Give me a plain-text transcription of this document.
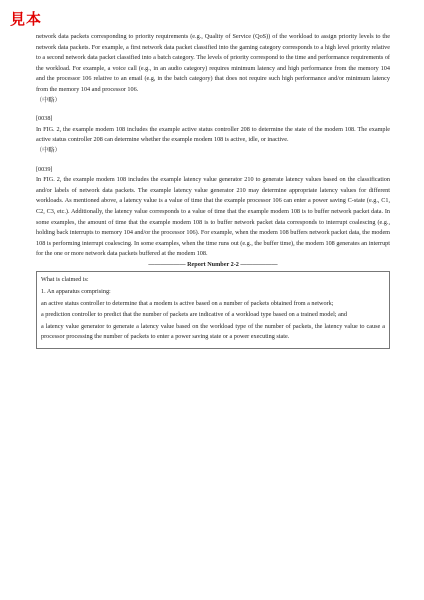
見本

network data packets corresponding to priority requirements (e.g., Quality of Service (QoS)) of the workload to assign priority levels to the network data packets. For example, a first network data packet classified into the gaming category corresponds to a high level priority relative to a second network data packet classified into a batch category. The levels of priority correspond to the time and performance requirements of the workload. For example, a voice call (e.g., in an audio category) requires minimum latency and high performance from the memory 104 and the processor 106 relative to an email (e.g, in the batch category) that does not require such high performance and/or minimum latency from the memory 104 and processor 106.

（中略）

[0038]

In FIG. 2, the example modem 108 includes the example active status controller 208 to determine the state of the modem 108. The example active status controller 208 can determine whether the example modem 108 is active, idle, or inactive.

（中略）

[0039]

In FIG. 2, the example modem 108 includes the example latency value generator 210 to generate latency values based on the classification and/or labels of network data packets. The example latency value generator 210 may determine appropriate latency values for different workloads. As mentioned above, a latency value is a value of time that the example processor 106 can enter a power saving C-state (e.g., C1, C2, C3, etc.). Additionally, the latency value corresponds to a value of time that the example modem 108 is to buffer network packet data. In some examples, the amount of time that the example modem 108 is to buffer network packet data corresponds to interrupt coalescing (e.g., holding back interrupts to memory 104 and/or the processor 106). For example, when the modem 108 buffers network packet data, the modem 108 is performing interrupt coalescing. In some examples, when the time runs out (e.g., the buffer time), the modem 108 generates an interrupt for the one or more network data packets buffered at the modem 108.

—————— Report Number 2-2 ——————

What is claimed is:

1. An apparatus comprising:

an active status controller to determine that a modem is active based on a number of packets obtained from a network;

a prediction controller to predict that the number of packets are indicative of a workload type based on a trained model; and

a latency value generator to generate a latency value based on the workload type of the number of packets, the latency value to cause a processor processing the number of packets to enter a power saving state or a power executing state.
